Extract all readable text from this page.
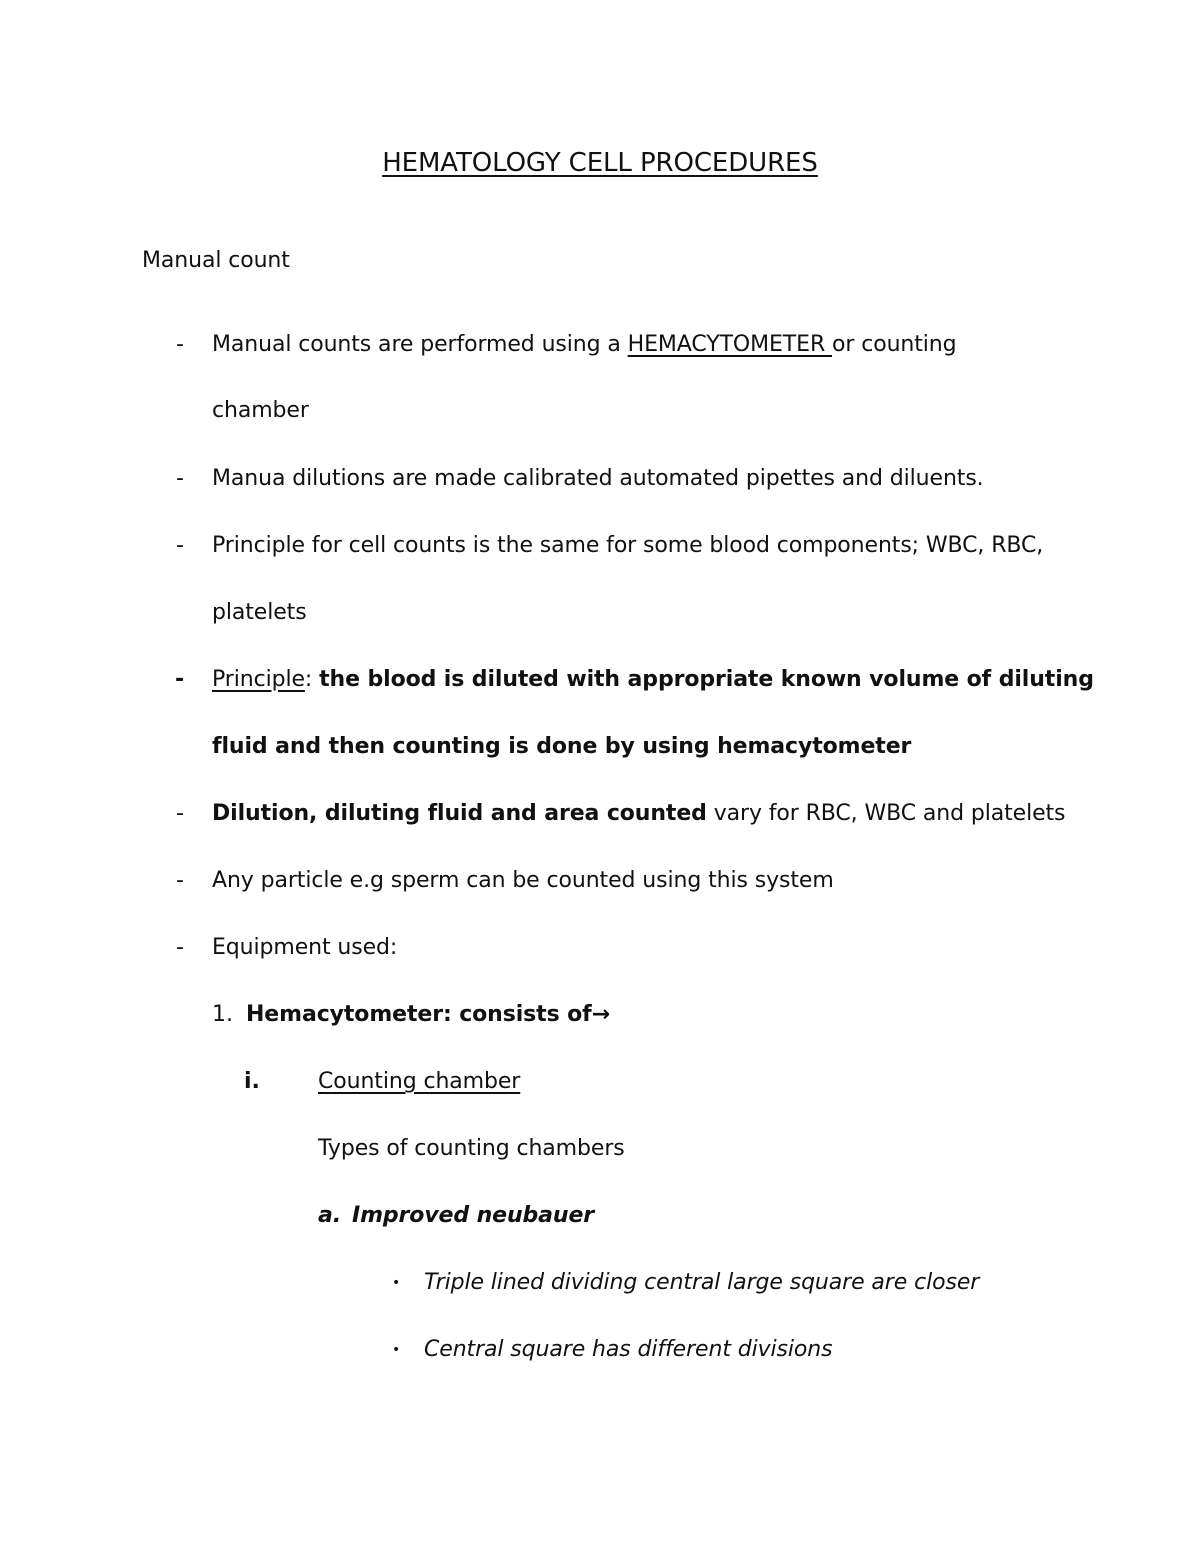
HEMATOLOGY CELL PROCEDURES
Manual count
- Manual counts are performed using a HEMACYTOMETER or counting
chamber
- Manua dilutions are made calibrated automated pipettes and diluents.
- Principle for cell counts is the same for some blood components; WBC, RBC,
platelets
- Principle: the blood is diluted with appropriate known volume of diluting
fluid and then counting is done by using hemacytometer
- Dilution, diluting fluid and area counted vary for RBC, WBC and platelets
- Any particle e.g sperm can be counted using this system
- Equipment used:
1. Hemacytometer: consists of→
i.	Counting chamber
Types of counting chambers
a. Improved neubauer
• Triple lined dividing central large square are closer
• Central square has different divisions
